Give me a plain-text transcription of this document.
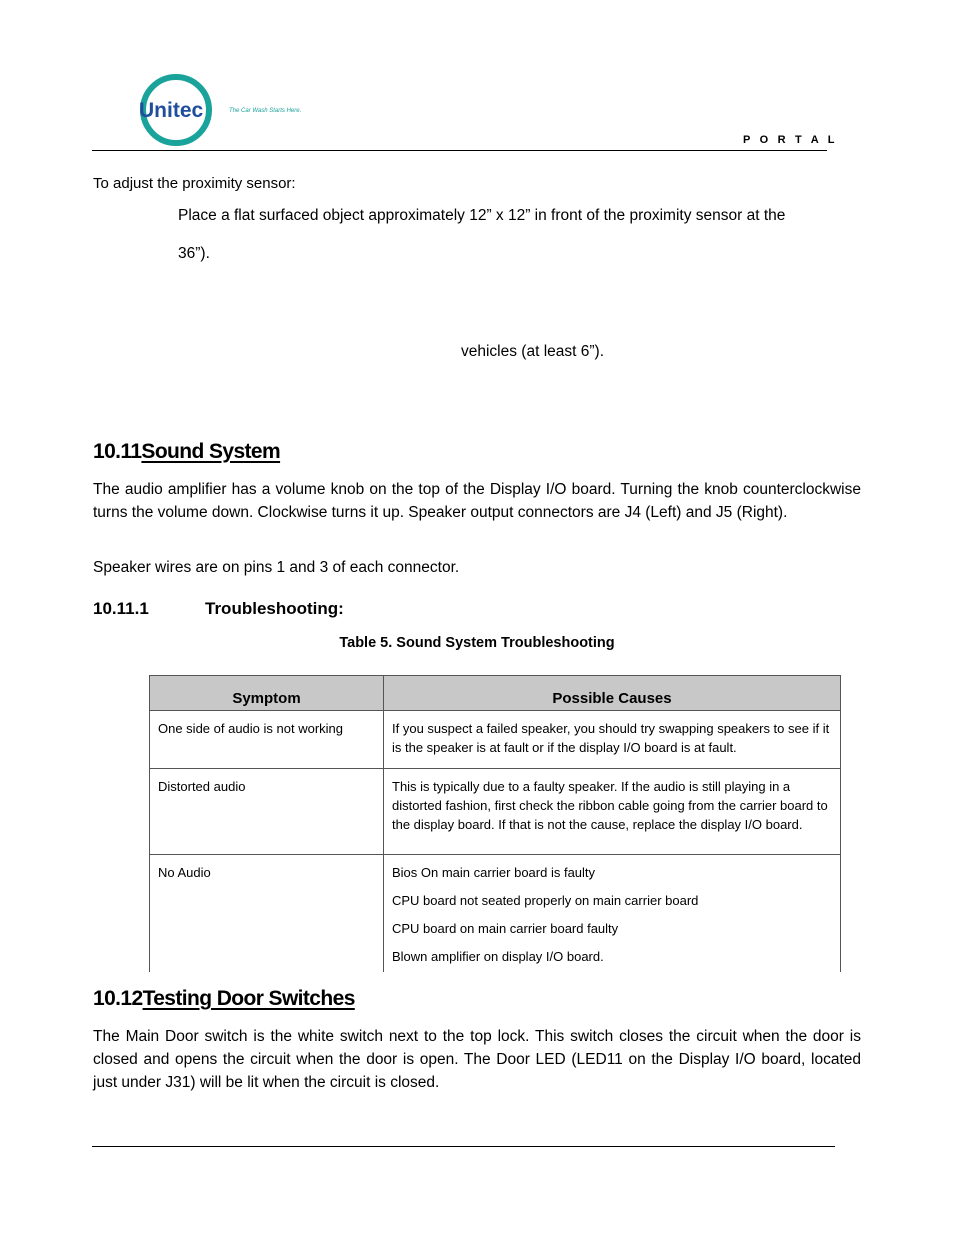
Unitec	The Car Wash Starts Here.
P O R T A L
To adjust the proximity sensor:
Place a flat surfaced object approximately 12” x 12” in front of the proximity sensor at the
36”).
vehicles (at least 6”).
10.11Sound System
The audio amplifier has a volume knob on the top of the Display I/O board. Turning the knob counterclockwise turns the volume down. Clockwise turns it up. Speaker output connectors are J4 (Left) and J5 (Right).
Speaker wires are on pins 1 and 3 of each connector.
10.11.1	Troubleshooting:
Table 5. Sound System Troubleshooting
Symptom	Possible Causes
One side of audio is not working	If you suspect a failed speaker, you should try swapping speakers to see if it is the speaker is at fault or if the display I/O board is at fault.

Distorted audio	This is typically due to a faulty speaker. If the audio is still playing in a distorted fashion, first check the ribbon cable going from the carrier board to the display board. If that is not the cause, replace the display I/O board.

No Audio	Bios On main carrier board is faulty
CPU board not seated properly on main carrier board
CPU board on main carrier board faulty
Blown amplifier on display I/O board.
10.12Testing Door Switches
The Main Door switch is the white switch next to the top lock. This switch closes the circuit when the door is closed and opens the circuit when the door is open. The Door LED (LED11 on the Display I/O board, located just under J31) will be lit when the circuit is closed.
